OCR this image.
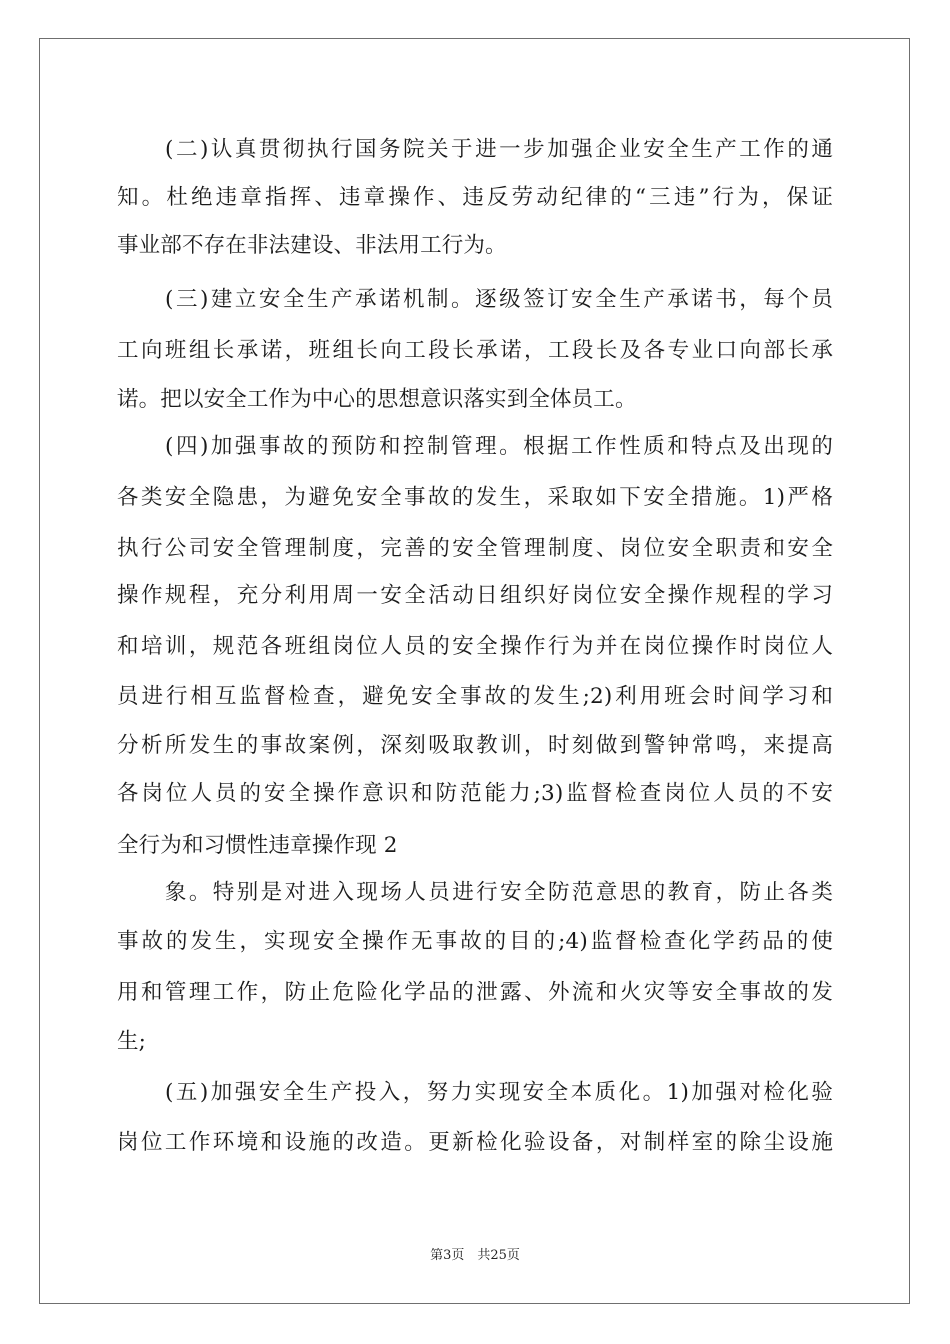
　　(二)认真贯彻执行国务院关于进一步加强企业安全生产工作的通
知。杜绝违章指挥、违章操作、违反劳动纪律的“三违”行为，保证
事业部不存在非法建设、非法用工行为。
　　(三)建立安全生产承诺机制。逐级签订安全生产承诺书，每个员
工向班组长承诺，班组长向工段长承诺，工段长及各专业口向部长承
诺。把以安全工作为中心的思想意识落实到全体员工。
　　(四)加强事故的预防和控制管理。根据工作性质和特点及出现的
各类安全隐患，为避免安全事故的发生，采取如下安全措施。1)严格
执行公司安全管理制度，完善的安全管理制度、岗位安全职责和安全
操作规程，充分利用周一安全活动日组织好岗位安全操作规程的学习
和培训，规范各班组岗位人员的安全操作行为并在岗位操作时岗位人
员进行相互监督检查，避免安全事故的发生;2)利用班会时间学习和
分析所发生的事故案例，深刻吸取教训，时刻做到警钟常鸣，来提高
各岗位人员的安全操作意识和防范能力;3)监督检查岗位人员的不安
全行为和习惯性违章操作现 2
　　象。特别是对进入现场人员进行安全防范意思的教育，防止各类
事故的发生，实现安全操作无事故的目的;4)监督检查化学药品的使
用和管理工作，防止危险化学品的泄露、外流和火灾等安全事故的发
生;
　　(五)加强安全生产投入，努力实现安全本质化。1)加强对检化验
岗位工作环境和设施的改造。更新检化验设备，对制样室的除尘设施
第3页　共25页
